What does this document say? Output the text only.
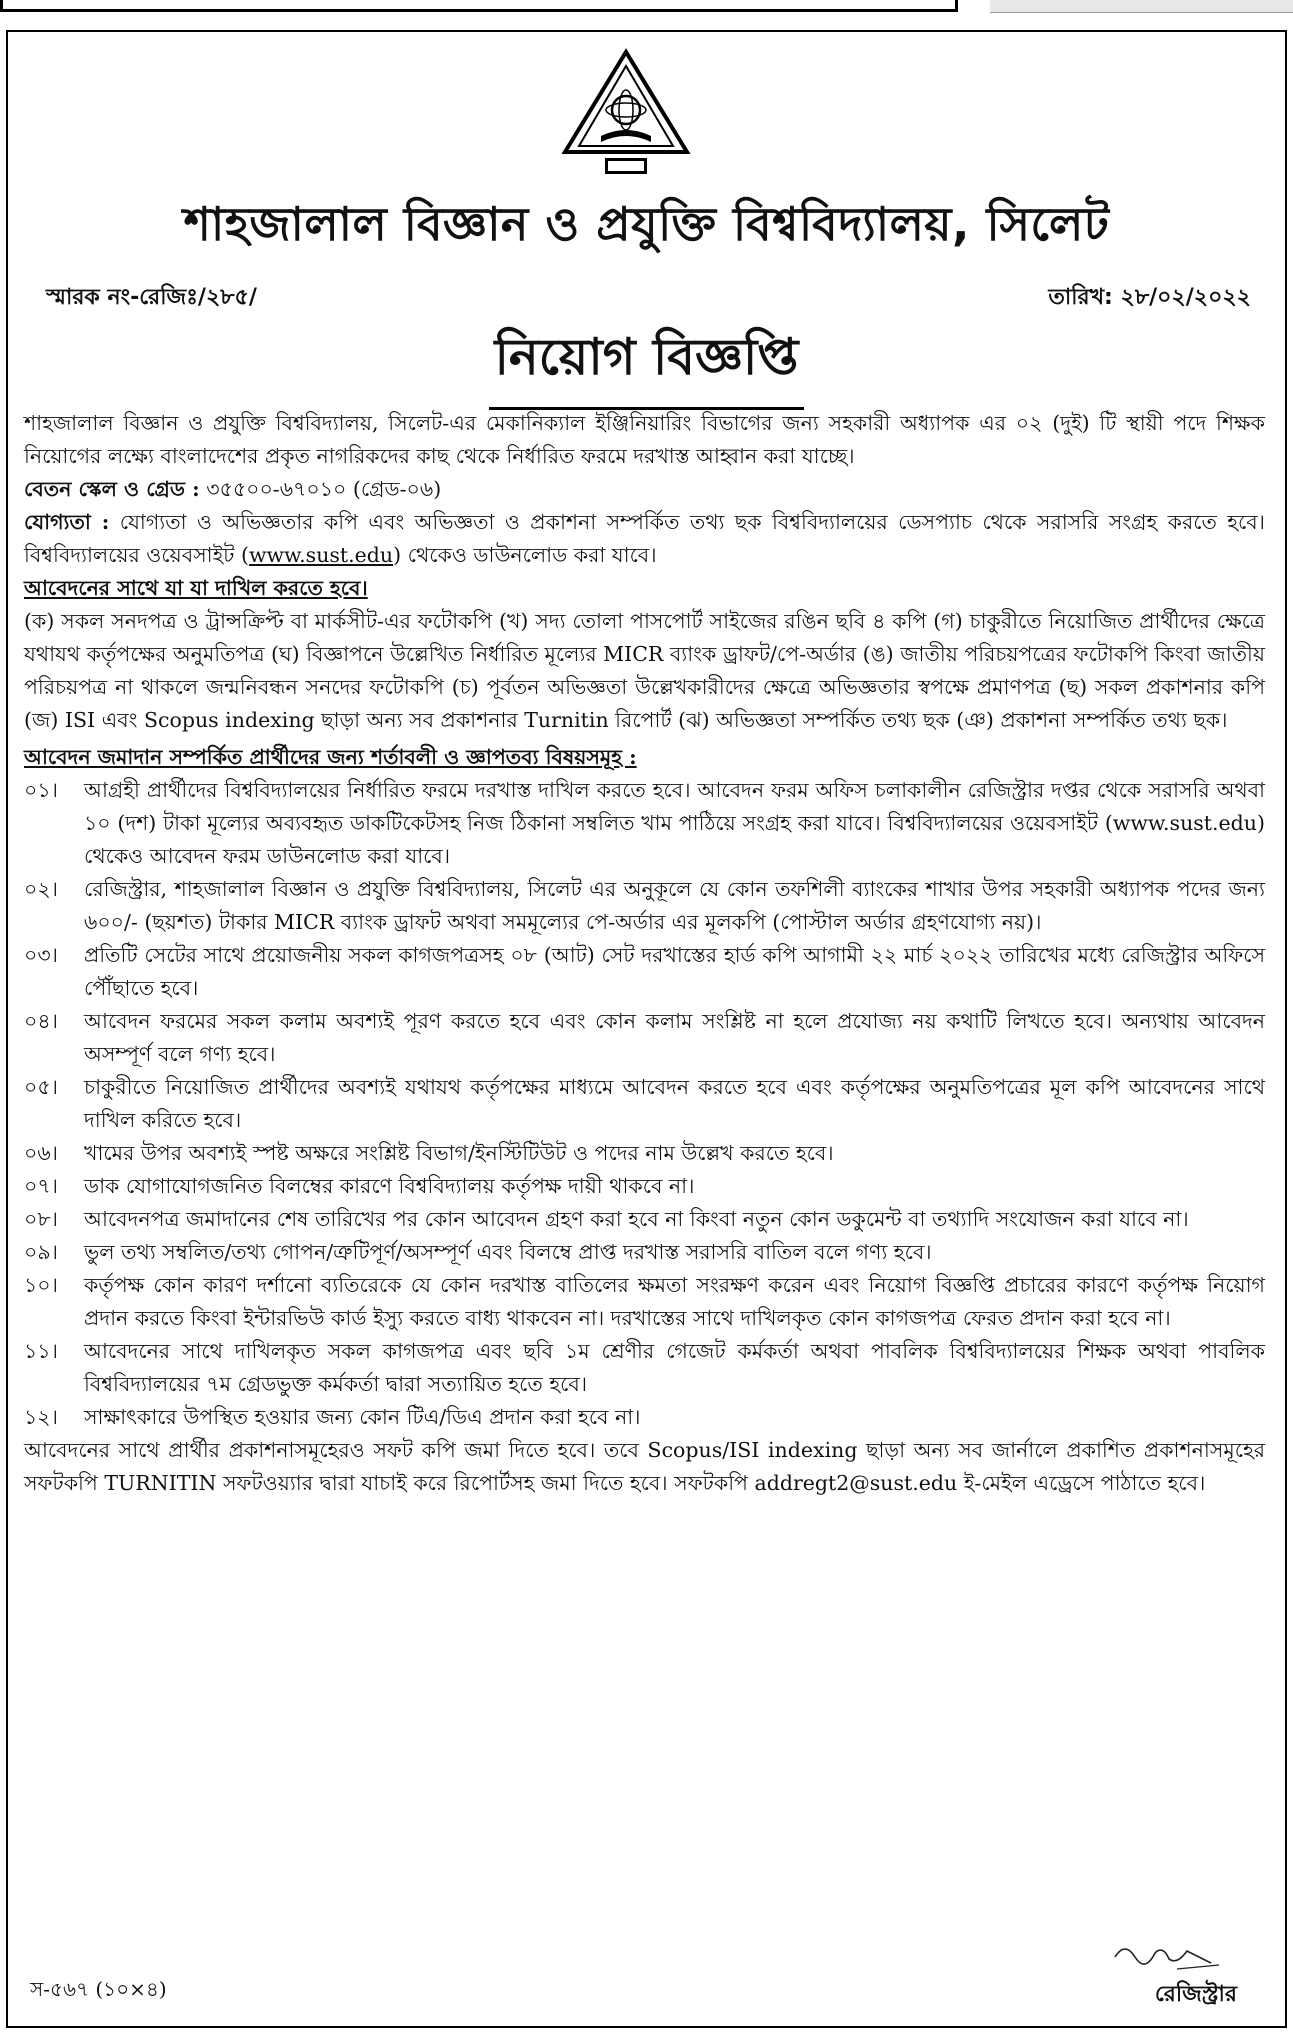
শাহজালাল বিজ্ঞান ও প্রযুক্তি বিশ্ববিদ্যালয়, সিলেট
স্মারক নং-রেজিঃ/২৮৫/	তারিখ: ২৮/০২/২০২২
নিয়োগ বিজ্ঞপ্তি

শাহজালাল বিজ্ঞান ও প্রযুক্তি বিশ্ববিদ্যালয়, সিলেট-এর মেকানিক্যাল ইঞ্জিনিয়ারিং বিভাগের জন্য সহকারী অধ্যাপক এর ০২ (দুই) টি স্থায়ী পদে শিক্ষক নিয়োগের লক্ষ্যে বাংলাদেশের প্রকৃত নাগরিকদের কাছ থেকে নির্ধারিত ফরমে দরখাস্ত আহ্বান করা যাচ্ছে।

বেতন স্কেল ও গ্রেড : ৩৫৫০০-৬৭০১০ (গ্রেড-০৬)

যোগ্যতা : যোগ্যতা ও অভিজ্ঞতার কপি এবং অভিজ্ঞতা ও প্রকাশনা সম্পর্কিত তথ্য ছক বিশ্ববিদ্যালয়ের ডেসপ্যাচ থেকে সরাসরি সংগ্রহ করতে হবে। বিশ্ববিদ্যালয়ের ওয়েবসাইট (www.sust.edu) থেকেও ডাউনলোড করা যাবে।

আবেদনের সাথে যা যা দাখিল করতে হবে।

(ক) সকল সনদপত্র ও ট্রান্সক্রিপ্ট বা মার্কসীট-এর ফটোকপি (খ) সদ্য তোলা পাসপোর্ট সাইজের রঙিন ছবি ৪ কপি (গ) চাকুরীতে নিয়োজিত প্রার্থীদের ক্ষেত্রে যথাযথ কর্তৃপক্ষের অনুমতিপত্র (ঘ) বিজ্ঞাপনে উল্লেখিত নির্ধারিত মূল্যের MICR ব্যাংক ড্রাফট/পে-অর্ডার (ঙ) জাতীয় পরিচয়পত্রের ফটোকপি কিংবা জাতীয় পরিচয়পত্র না থাকলে জন্মনিবন্ধন সনদের ফটোকপি (চ) পূর্বতন অভিজ্ঞতা উল্লেখকারীদের ক্ষেত্রে অভিজ্ঞতার স্বপক্ষে প্রমাণপত্র (ছ) সকল প্রকাশনার কপি (জ) ISI এবং Scopus indexing ছাড়া অন্য সব প্রকাশনার Turnitin রিপোর্ট (ঝ) অভিজ্ঞতা সম্পর্কিত তথ্য ছক (ঞ) প্রকাশনা সম্পর্কিত তথ্য ছক।

আবেদন জমাদান সম্পর্কিত প্রার্থীদের জন্য শর্তাবলী ও জ্ঞাপতব্য বিষয়সমূহ :

০১।	আগ্রহী প্রার্থীদের বিশ্ববিদ্যালয়ের নির্ধারিত ফরমে দরখাস্ত দাখিল করতে হবে। আবেদন ফরম অফিস চলাকালীন রেজিস্ট্রার দপ্তর থেকে সরাসরি অথবা ১০ (দশ) টাকা মূল্যের অব্যবহৃত ডাকটিকেটসহ নিজ ঠিকানা সম্বলিত খাম পাঠিয়ে সংগ্রহ করা যাবে। বিশ্ববিদ্যালয়ের ওয়েবসাইট (www.sust.edu) থেকেও আবেদন ফরম ডাউনলোড করা যাবে।
০২।	রেজিস্ট্রার, শাহজালাল বিজ্ঞান ও প্রযুক্তি বিশ্ববিদ্যালয়, সিলেট এর অনুকূলে যে কোন তফশিলী ব্যাংকের শাখার উপর সহকারী অধ্যাপক পদের জন্য ৬০০/- (ছয়শত) টাকার MICR ব্যাংক ড্রাফট অথবা সমমূল্যের পে-অর্ডার এর মূলকপি (পোস্টাল অর্ডার গ্রহণযোগ্য নয়)।
০৩।	প্রতিটি সেটের সাথে প্রয়োজনীয় সকল কাগজপত্রসহ ০৮ (আট) সেট দরখাস্তের হার্ড কপি আগামী ২২ মার্চ ২০২২ তারিখের মধ্যে রেজিস্ট্রার অফিসে পৌঁছাতে হবে।
০৪।	আবেদন ফরমের সকল কলাম অবশ্যই পূরণ করতে হবে এবং কোন কলাম সংশ্লিষ্ট না হলে প্রযোজ্য নয় কথাটি লিখতে হবে। অন্যথায় আবেদন অসম্পূর্ণ বলে গণ্য হবে।
০৫।	চাকুরীতে নিয়োজিত প্রার্থীদের অবশ্যই যথাযথ কর্তৃপক্ষের মাধ্যমে আবেদন করতে হবে এবং কর্তৃপক্ষের অনুমতিপত্রের মূল কপি আবেদনের সাথে দাখিল করিতে হবে।
০৬।	খামের উপর অবশ্যই স্পষ্ট অক্ষরে সংশ্লিষ্ট বিভাগ/ইনস্টিটিউট ও পদের নাম উল্লেখ করতে হবে।
০৭।	ডাক যোগাযোগজনিত বিলম্বের কারণে বিশ্ববিদ্যালয় কর্তৃপক্ষ দায়ী থাকবে না।
০৮।	আবেদনপত্র জমাদানের শেষ তারিখের পর কোন আবেদন গ্রহণ করা হবে না কিংবা নতুন কোন ডকুমেন্ট বা তথ্যাদি সংযোজন করা যাবে না।
০৯।	ভুল তথ্য সম্বলিত/তথ্য গোপন/ত্রুটিপূর্ণ/অসম্পূর্ণ এবং বিলম্বে প্রাপ্ত দরখাস্ত সরাসরি বাতিল বলে গণ্য হবে।
১০।	কর্তৃপক্ষ কোন কারণ দর্শানো ব্যতিরেকে যে কোন দরখাস্ত বাতিলের ক্ষমতা সংরক্ষণ করেন এবং নিয়োগ বিজ্ঞপ্তি প্রচারের কারণে কর্তৃপক্ষ নিয়োগ প্রদান করতে কিংবা ইন্টারভিউ কার্ড ইস্যু করতে বাধ্য থাকবেন না। দরখাস্তের সাথে দাখিলকৃত কোন কাগজপত্র ফেরত প্রদান করা হবে না।
১১।	আবেদনের সাথে দাখিলকৃত সকল কাগজপত্র এবং ছবি ১ম শ্রেণীর গেজেট কর্মকর্তা অথবা পাবলিক বিশ্ববিদ্যালয়ের শিক্ষক অথবা পাবলিক বিশ্ববিদ্যালয়ের ৭ম গ্রেডভুক্ত কর্মকর্তা দ্বারা সত্যায়িত হতে হবে।
১২।	সাক্ষাৎকারে উপস্থিত হওয়ার জন্য কোন টিএ/ডিএ প্রদান করা হবে না।

আবেদনের সাথে প্রার্থীর প্রকাশনাসমূহেরও সফট কপি জমা দিতে হবে। তবে Scopus/ISI indexing ছাড়া অন্য সব জার্নালে প্রকাশিত প্রকাশনাসমূহের সফটকপি TURNITIN সফটওয়্যার দ্বারা যাচাই করে রিপোর্টসহ জমা দিতে হবে। সফটকপি addregt2@sust.edu ই-মেইল এড্রেসে পাঠাতে হবে।

স-৫৬৭ (১০×৪)	রেজিস্ট্রার
